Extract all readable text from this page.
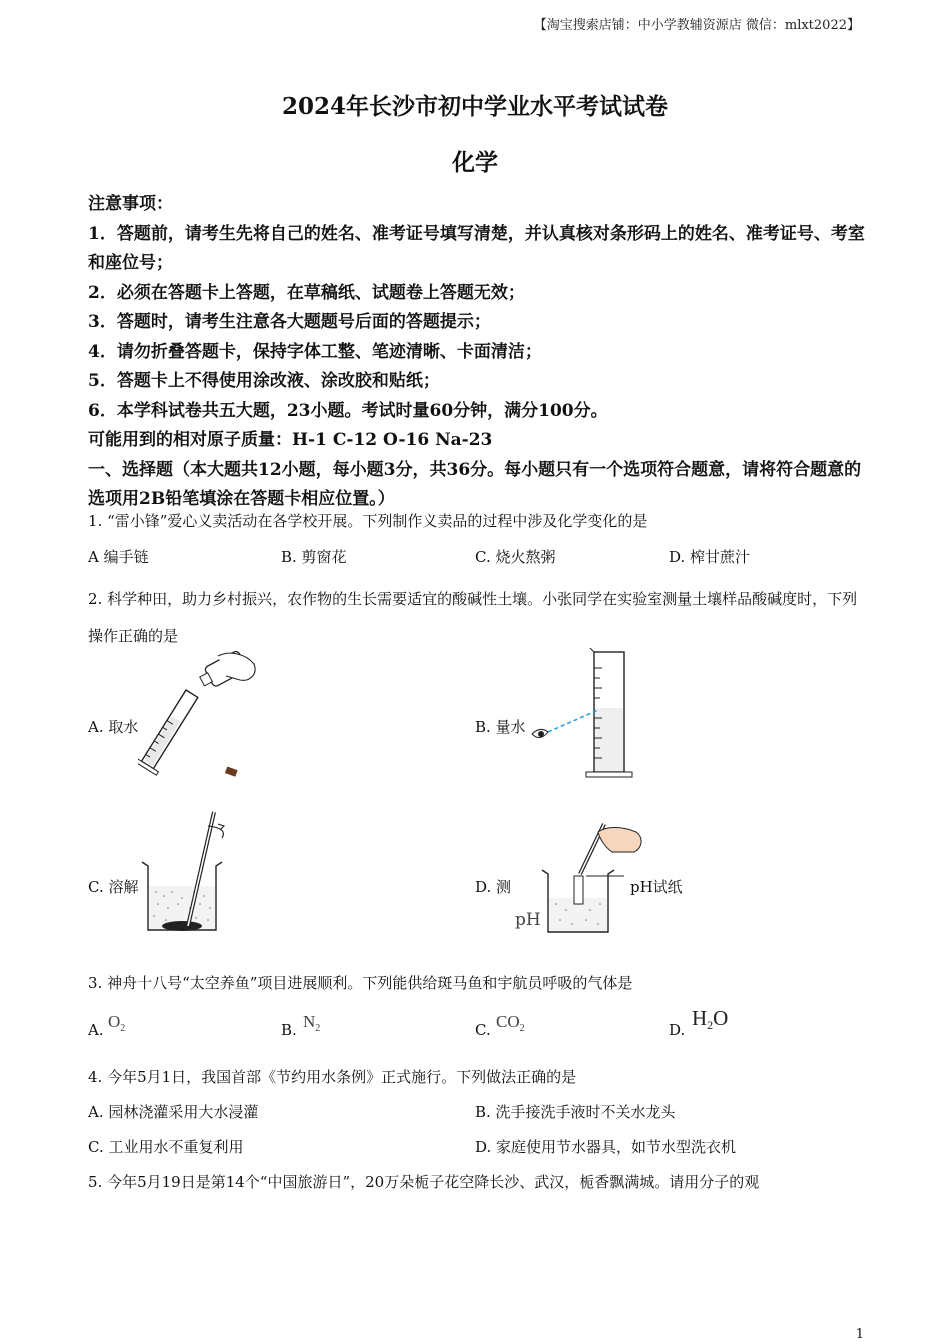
【淘宝搜索店铺：中小学教辅资源店 微信：mlxt2022】
2024年长沙市初中学业水平考试试卷
化学
注意事项：
1．答题前，请考生先将自己的姓名、准考证号填写清楚，并认真核对条形码上的姓名、准考证号、考室和座位号；
2．必须在答题卡上答题，在草稿纸、试题卷上答题无效；
3．答题时，请考生注意各大题题号后面的答题提示；
4．请勿折叠答题卡，保持字体工整、笔迹清晰、卡面清洁；
5．答题卡上不得使用涂改液、涂改胶和贴纸；
6．本学科试卷共五大题，23小题。考试时量60分钟，满分100分。
可能用到的相对原子质量：H-1 C-12 O-16 Na-23
一、选择题（本大题共12小题，每小题3分，共36分。每小题只有一个选项符合题意，请将符合题意的选项用2B铅笔填涂在答题卡相应位置。）
1. “雷小锋”爱心义卖活动在各学校开展。下列制作义卖品的过程中涉及化学变化的是
A 编手链	B. 剪窗花	C. 烧火熬粥	D. 榨甘蔗汁
2. 科学种田，助力乡村振兴，农作物的生长需要适宜的酸碱性土壤。小张同学在实验室测量土壤样品酸碱度时，下列操作正确的是
A. 取水	B. 量水
C. 溶解	D. 测
pH
pH试纸
3. 神舟十八号“太空养鱼”项目进展顺利。下列能供给斑马鱼和宇航员呼吸的气体是
A. $O_2$	B. $N_2$	C. $CO_2$	D. $H_2O$
4. 今年5月1日，我国首部《节约用水条例》正式施行。下列做法正确的是
A. 园林浇灌采用大水浸灌	B. 洗手接洗手液时不关水龙头
C. 工业用水不重复利用	D. 家庭使用节水器具，如节水型洗衣机
5. 今年5月19日是第14个“中国旅游日”，20万朵栀子花空降长沙、武汉，栀香飘满城。请用分子的观
1
